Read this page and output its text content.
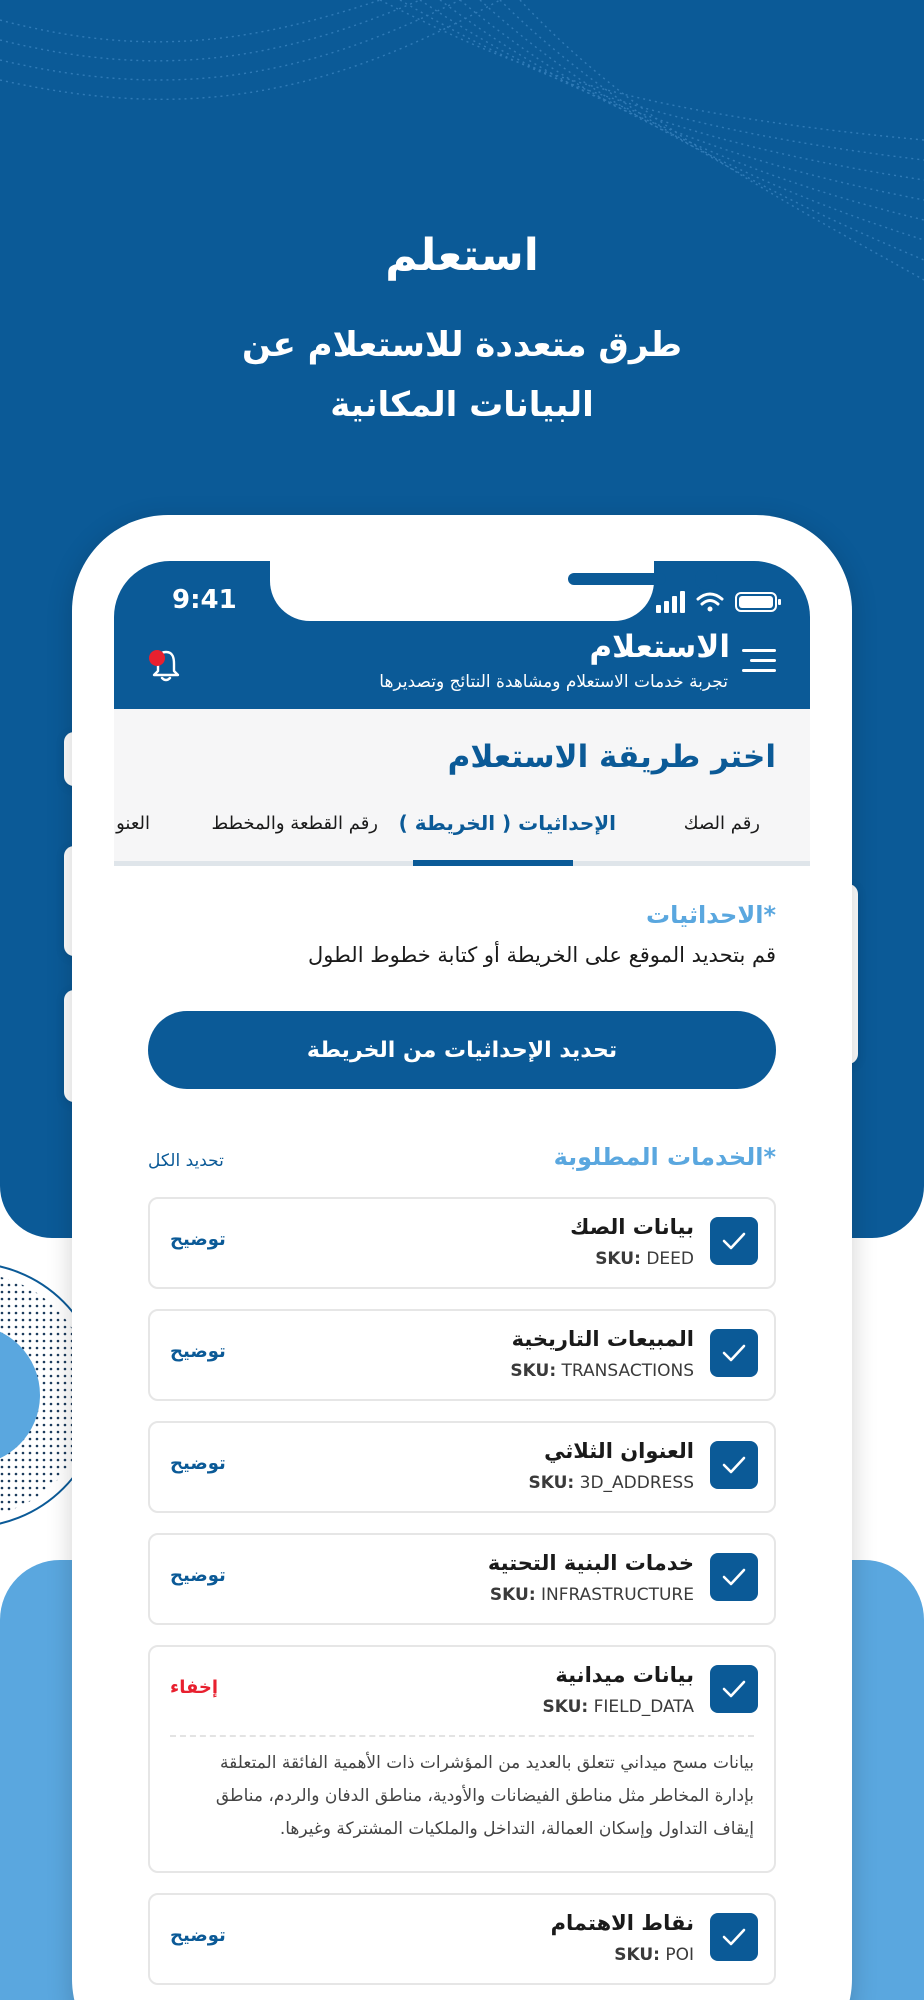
استعلم
طرق متعددة للاستعلام عن
البيانات المكانية
9:41
الاستعلام
تجربة خدمات الاستعلام ومشاهدة النتائج وتصديرها
اختر طريقة الاستعلام
رقم الصك
الإحداثيات ( الخريطة )
رقم القطعة والمخطط
العنو
*الاحداثيات
قم بتحديد الموقع على الخريطة أو كتابة خطوط الطول
تحديد الإحداثيات من الخريطة
*الخدمات المطلوبة
تحديد الكل
بيانات الصك
SKU: DEED
توضيح
المبيعات التاريخية
SKU: TRANSACTIONS
توضيح
العنوان الثلاثي
SKU: 3D_ADDRESS
توضيح
خدمات البنية التحتية
SKU: INFRASTRUCTURE
توضيح
بيانات ميدانية
SKU: FIELD_DATA
إخفاء
بيانات مسح ميداني تتعلق بالعديد من المؤشرات ذات الأهمية الفائقة المتعلقة
بإدارة المخاطر مثل مناطق الفيضانات والأودية، مناطق الدفان والردم، مناطق
إيقاف التداول وإسكان العمالة، التداخل والملكيات المشتركة وغيرها.
نقاط الاهتمام
SKU: POI
توضيح
